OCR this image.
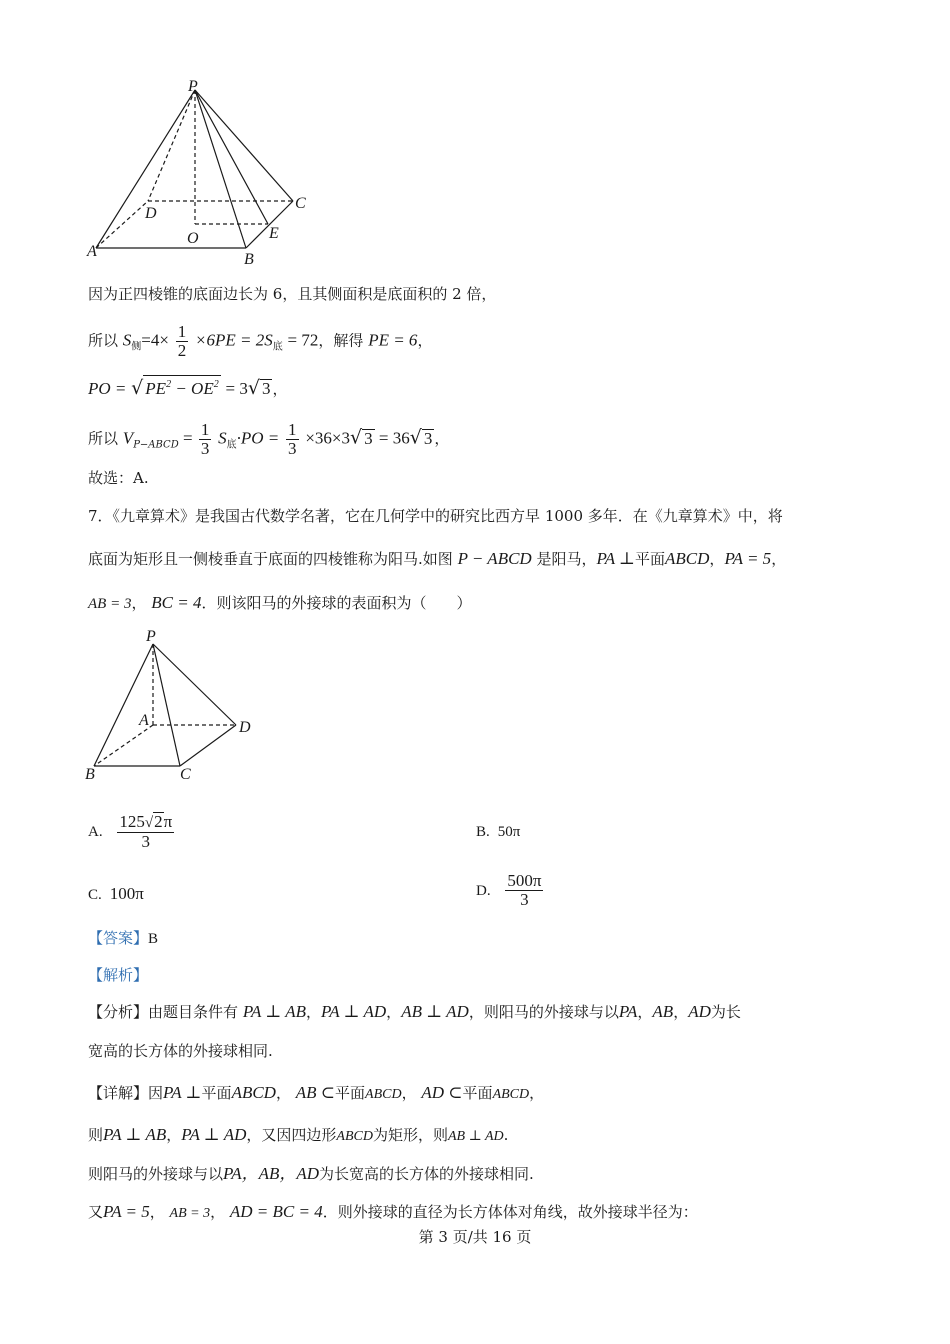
P
D
C
O	E
A	B
因为正四棱锥的底面边长为 6，且其侧面积是底面积的 2 倍，
所以 $S_侧=4\times \frac{1}{2} \times 6PE = 2S_底 = 72$，解得 PE = 6，
PO = √ $PE^2 - OE^2 = 3√$ 3 ，
所以 $V_{P-ABCD} = \frac{1}{3} S_底\cdot PO = \frac{1}{3} \times 36\times 3√$ 3 = 36√ 3 ，
故选：A.
7．《九章算术》是我国古代数学名著，它在几何学中的研究比西方早 1000 多年．在《九章算术》中，将
底面为矩形且一侧棱垂直于底面的四棱锥称为阳马.如图 P − ABCD 是阳马，PA ⊥平面ABCD，PA = 5，
AB = 3， BC = 4．则该阳马的外接球的表面积为（　　）
P
A	D
B	C
A. $\frac{125√2\pi}{3}$	B. 50π
C. 100π	D. $\frac{500\pi}{3}$
【答案】B
【解析】
【分析】由题目条件有 PA ⊥ AB，PA ⊥ AD，AB ⊥ AD，则阳马的外接球与以PA，AB，AD为长
宽高的长方体的外接球相同.
【详解】因PA ⊥平面ABCD， AB ⊂平面ABCD， AD ⊂平面ABCD，
则PA ⊥ AB，PA ⊥ AD，又因四边形ABCD为矩形，则AB ⊥ AD.
则阳马的外接球与以PA，AB，AD为长宽高的长方体的外接球相同.
又PA = 5， AB = 3， AD = BC = 4．则外接球的直径为长方体体对角线，故外接球半径为：
第 3 页/共 16 页
